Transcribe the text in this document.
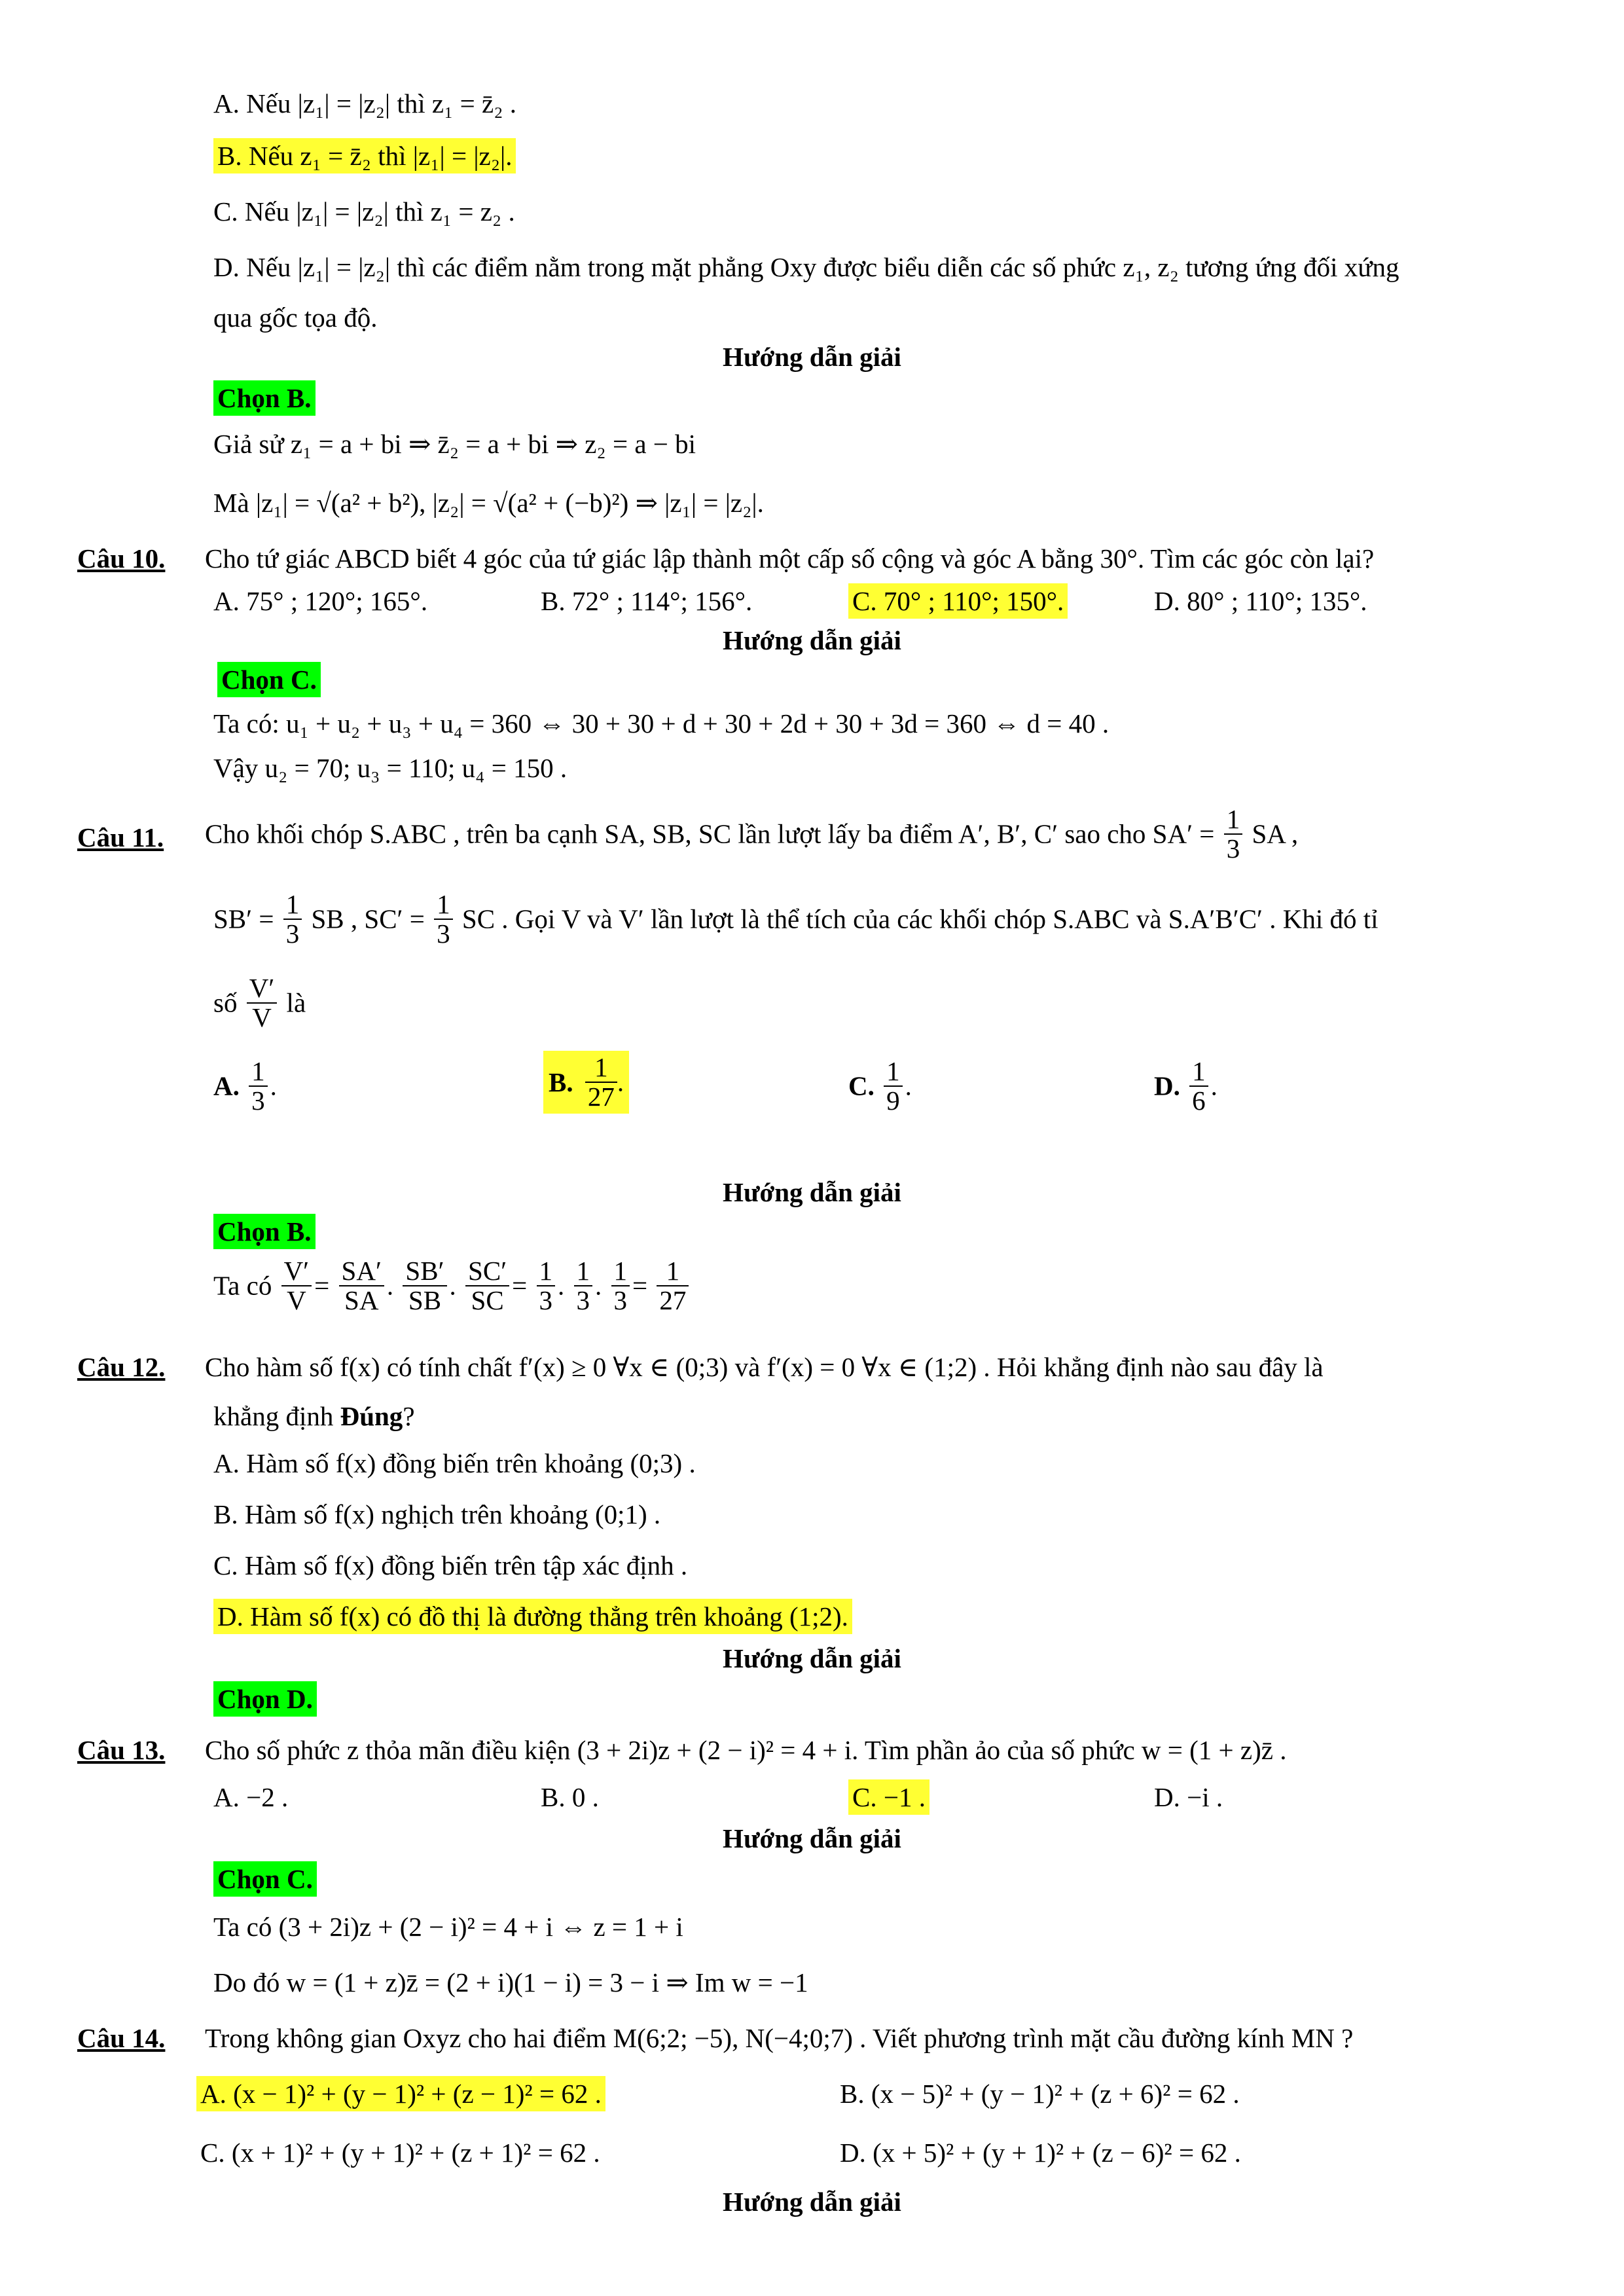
A. Nếu |z₁| = |z₂| thì z₁ = z̄₂ .
B. Nếu z₁ = z̄₂ thì |z₁| = |z₂|.
C. Nếu |z₁| = |z₂| thì z₁ = z₂ .
D. Nếu |z₁| = |z₂| thì các điểm nằm trong mặt phẳng Oxy được biểu diễn các số phức z₁, z₂ tương ứng đối xứng
qua gốc tọa độ.
Hướng dẫn giải
Chọn B.
Giả sử z₁ = a + bi ⇒ z̄₂ = a + bi ⇒ z₂ = a − bi
Mà |z₁| = √(a² + b²), |z₂| = √(a² + (−b)²) ⇒ |z₁| = |z₂|.
Câu 10. Cho tứ giác ABCD biết 4 góc của tứ giác lập thành một cấp số cộng và góc A bằng 30°. Tìm các góc còn lại?
A. 75° ; 120°; 165°.	B. 72° ; 114°; 156°.	C. 70° ; 110°; 150°.	D. 80° ; 110°; 135°.
Hướng dẫn giải
Chọn C.
Ta có: u₁ + u₂ + u₃ + u₄ = 360 ⇔ 30 + 30 + d + 30 + 2d + 30 + 3d = 360 ⇔ d = 40 .
Vậy u₂ = 70; u₃ = 110; u₄ = 150 .
Câu 11. Cho khối chóp S.ABC , trên ba cạnh SA, SB, SC lần lượt lấy ba điểm A′, B′, C′ sao cho $SA' = \frac{1}{3}$ SA ,
$SB' = \frac{1}{3}$ SB , $SC' = \frac{1}{3}$ SC . Gọi V và V′ lần lượt là thể tích của các khối chóp S.ABC và S.A′B′C′ . Khi đó tỉ
số $\frac{V'}{V}$ là
A. $\frac{1}{3}$ .	B. $\frac{1}{27}$ .	C. $\frac{1}{9}$ .	D. $\frac{1}{6}$ .
Hướng dẫn giải
Chọn B.
Ta có $\frac{V'}{V} = \frac{SA'}{SA}$ . $\frac{SB'}{SB}$ . $\frac{SC'}{SC} = \frac{1}{3}$ . $\frac{1}{3}$ . $\frac{1}{3} = \frac{1}{27}$
Câu 12. Cho hàm số f(x) có tính chất f′(x) ≥ 0 ∀x ∈ (0;3) và f′(x) = 0 ∀x ∈ (1;2) . Hỏi khẳng định nào sau đây là
khẳng định Đúng?
A. Hàm số f(x) đồng biến trên khoảng (0;3) .
B. Hàm số f(x) nghịch trên khoảng (0;1) .
C. Hàm số f(x) đồng biến trên tập xác định .
D. Hàm số f(x) có đồ thị là đường thẳng trên khoảng (1;2).
Hướng dẫn giải
Chọn D.
Câu 13. Cho số phức z thỏa mãn điều kiện (3 + 2i)z + (2 − i)² = 4 + i. Tìm phần ảo của số phức w = (1 + z)z̄ .
A. −2 .	B. 0 .	C. −1 .	D. −i .
Hướng dẫn giải
Chọn C.
Ta có (3 + 2i)z + (2 − i)² = 4 + i ⇔ z = 1 + i
Do đó w = (1 + z)z̄ = (2 + i)(1 − i) = 3 − i ⇒ Im w = −1
Câu 14. Trong không gian Oxyz cho hai điểm M(6;2; −5), N(−4;0;7) . Viết phương trình mặt cầu đường kính MN ?
A. (x − 1)² + (y − 1)² + (z − 1)² = 62 .	B. (x − 5)² + (y − 1)² + (z + 6)² = 62 .
C. (x + 1)² + (y + 1)² + (z + 1)² = 62 .	D. (x + 5)² + (y + 1)² + (z − 6)² = 62 .
Hướng dẫn giải
